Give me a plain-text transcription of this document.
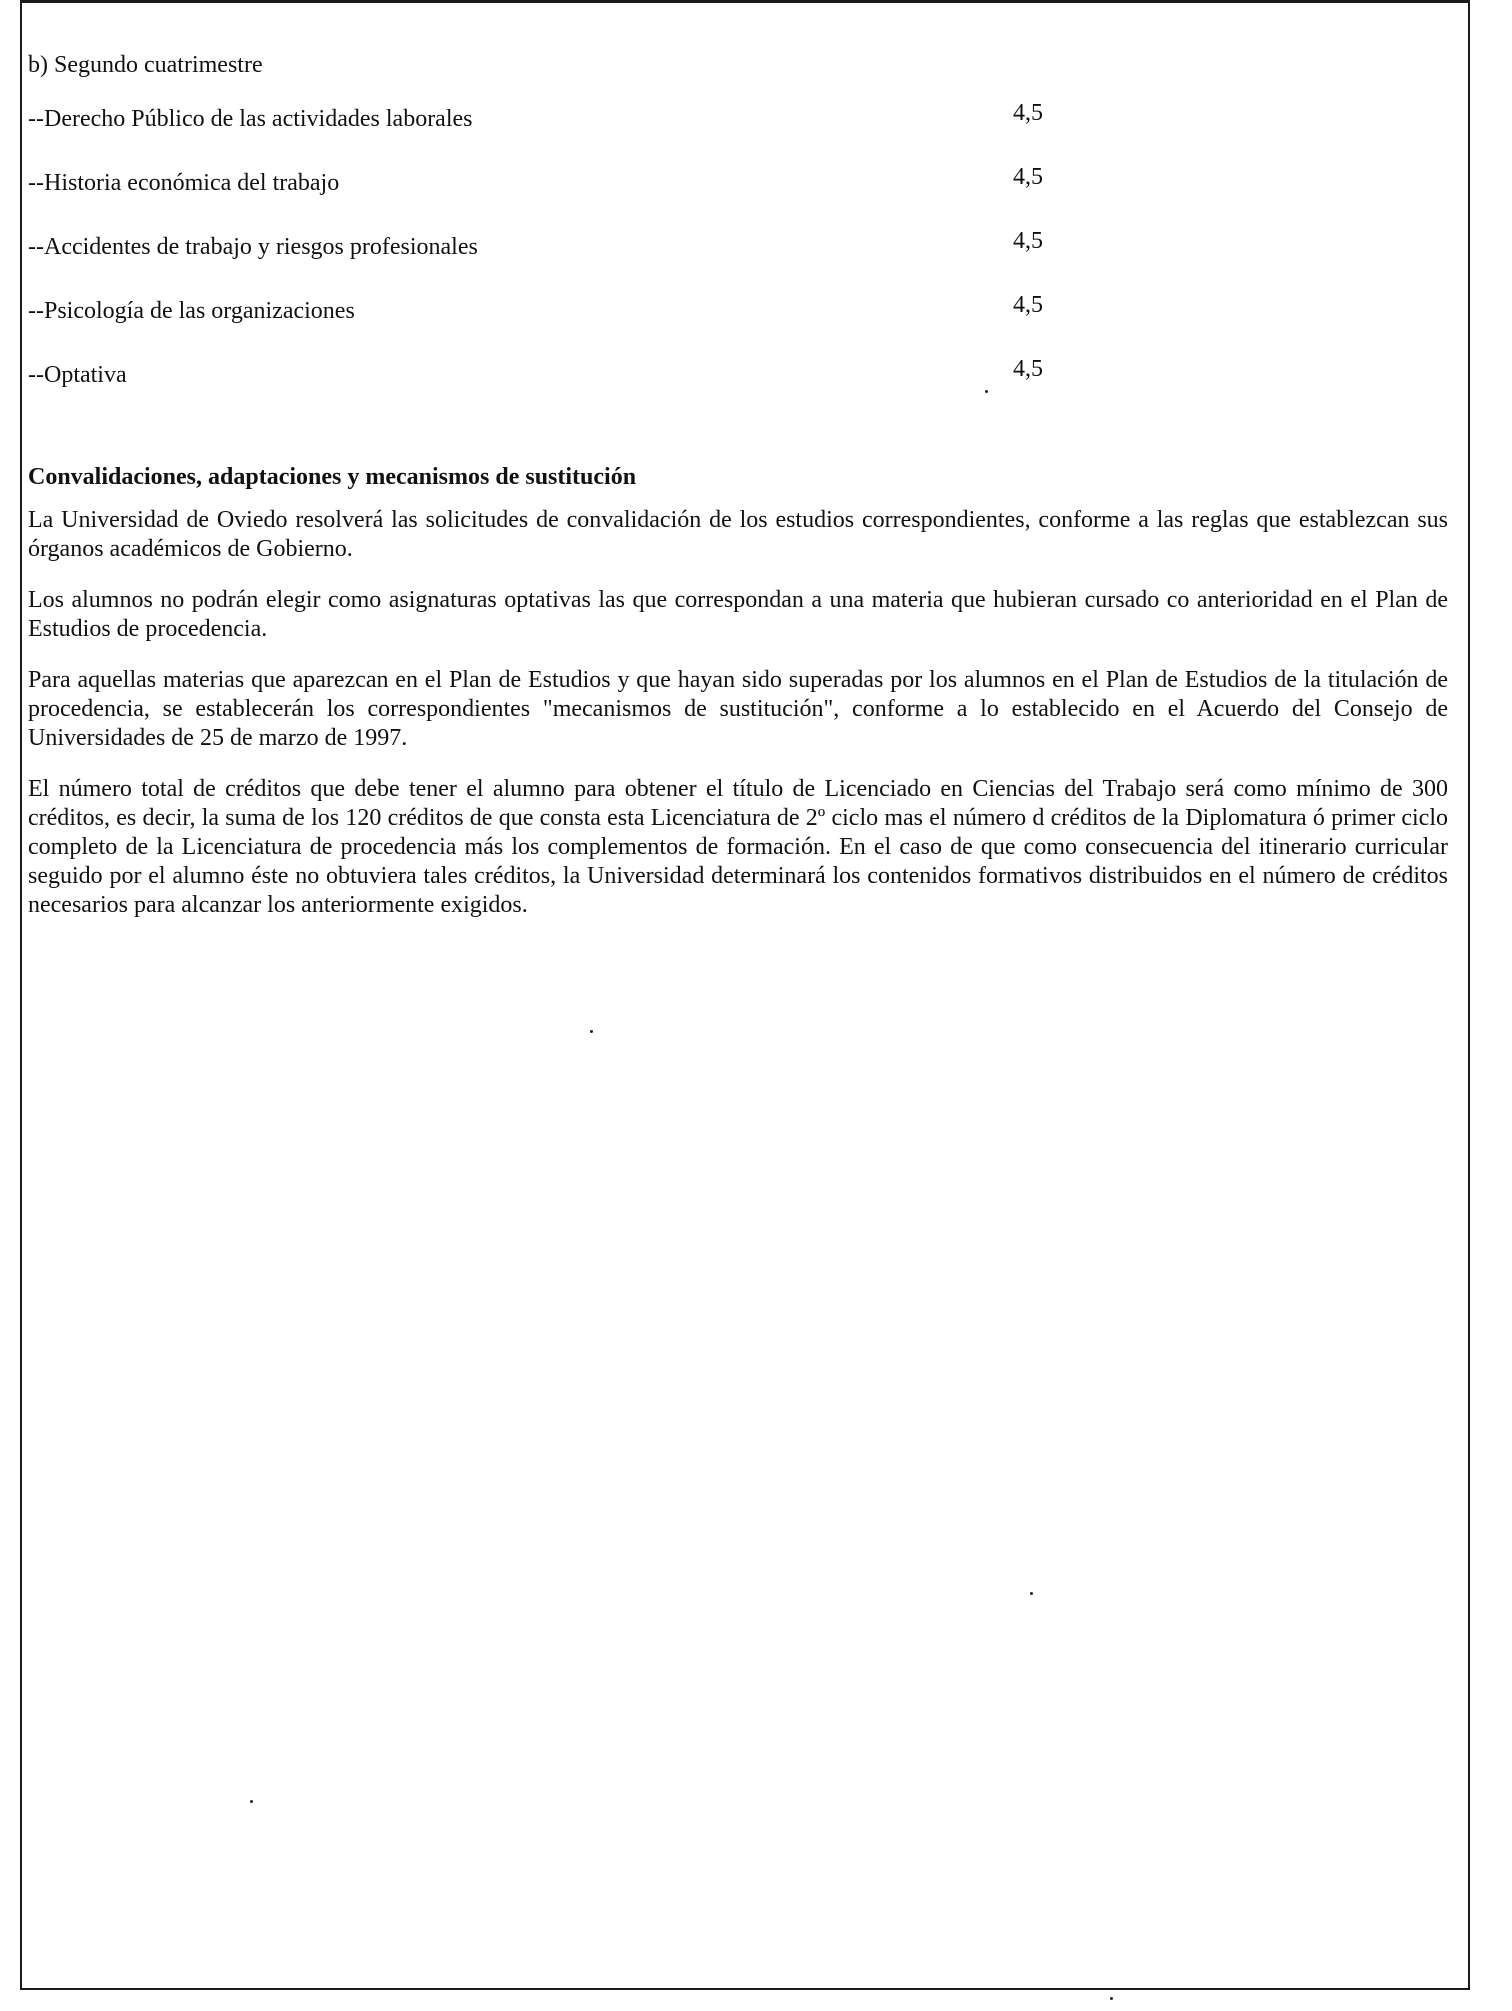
b) Segundo cuatrimestre
--Derecho Público de las actividades laborales	4,5
--Historia económica del trabajo	4,5
--Accidentes de trabajo y riesgos profesionales	4,5
--Psicología de las organizaciones	4,5
--Optativa	4,5
Convalidaciones, adaptaciones y mecanismos de sustitución

La Universidad de Oviedo resolverá las solicitudes de convalidación de los estudios correspondientes, conforme a las reglas que establezcan sus órganos académicos de Gobierno.

Los alumnos no podrán elegir como asignaturas optativas las que correspondan a una materia que hubieran cursado co anterioridad en el Plan de Estudios de procedencia.

Para aquellas materias que aparezcan en el Plan de Estudios y que hayan sido superadas por los alumnos en el Plan de Estudios de la titulación de procedencia, se establecerán los correspondientes "mecanismos de sustitución", conforme a lo establecido en el Acuerdo del Consejo de Universidades de 25 de marzo de 1997.

El número total de créditos que debe tener el alumno para obtener el título de Licenciado en Ciencias del Trabajo será como mínimo de 300 créditos, es decir, la suma de los 120 créditos de que consta esta Licenciatura de 2º ciclo mas el número d créditos de la Diplomatura ó primer ciclo completo de la Licenciatura de procedencia más los complementos de formación. En el caso de que como consecuencia del itinerario curricular seguido por el alumno éste no obtuviera tales créditos, la Universidad determinará los contenidos formativos distribuidos en el número de créditos necesarios para alcanzar los anteriormente exigidos.
